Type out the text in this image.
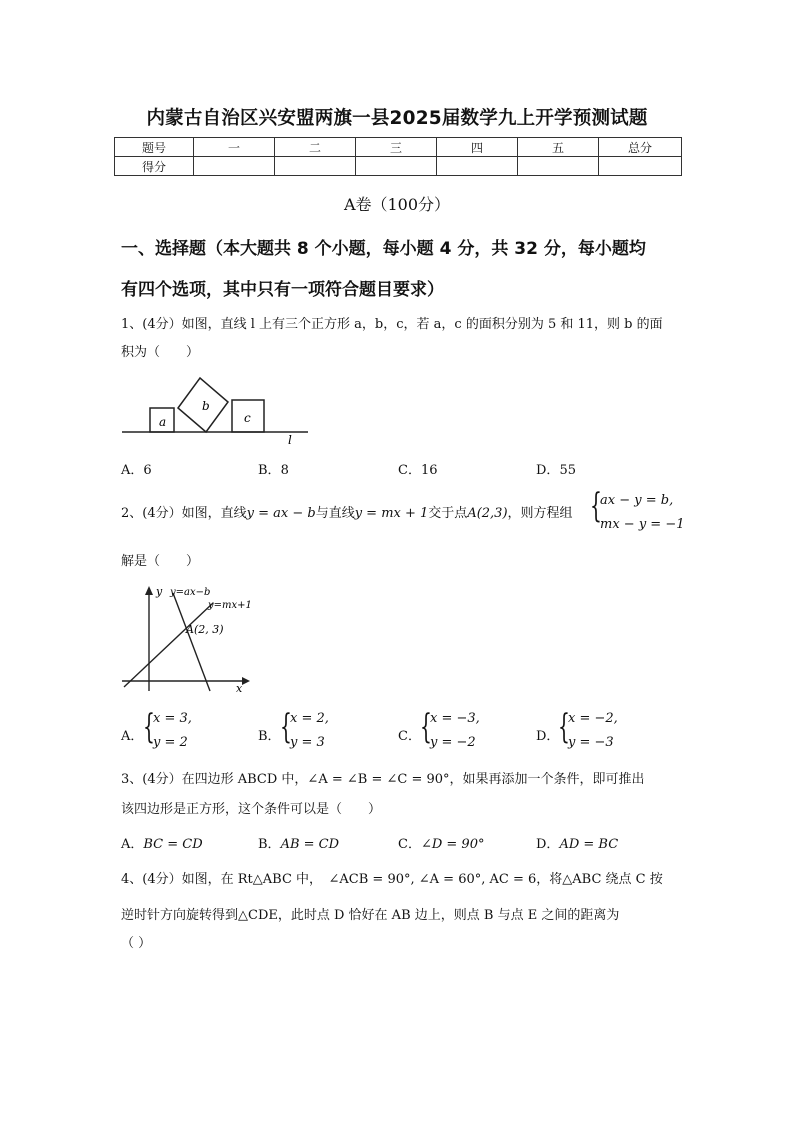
内蒙古自治区兴安盟两旗一县2025届数学九上开学预测试题
题号	一	二	三	四	五	总分
得分						
A卷（100分）
一、选择题（本大题共 8 个小题，每小题 4 分，共 32 分，每小题均
有四个选项，其中只有一项符合题目要求）
1、(4分）如图，直线 l 上有三个正方形 a，b，c，若 a，c 的面积分别为 5 和 11，则 b 的面
积为（　　）
a
b
c
l
A．6	B．8	C．16	D．55
2、(4分）如图，直线y = ax − b与直线y = mx + 1交于点A(2,3)，则方程组 {
ax − y = b,
mx − y = −1
解是（　　）
y
x
y=ax−b
y=mx+1
A(2, 3)
A． {
x = 3,
y = 2	B． {
x = 2,
y = 3	C． {
x = −3,
y = −2	D．
{
x = −2,
y = −3
3、(4分）在四边形 ABCD 中，∠A = ∠B = ∠C = 90°，如果再添加一个条件，即可推出
该四边形是正方形，这个条件可以是（　　）
A．BC = CD	B．AB = CD	C．∠D = 90°	D．AD = BC
4、(4分）如图，在 Rt△ABC 中，　∠ACB = 90°, ∠A = 60°, AC = 6，将△ABC 绕点 C 按
逆时针方向旋转得到△CDE，此时点 D 恰好在 AB 边上，则点 B 与点 E 之间的距离为
（ ）
